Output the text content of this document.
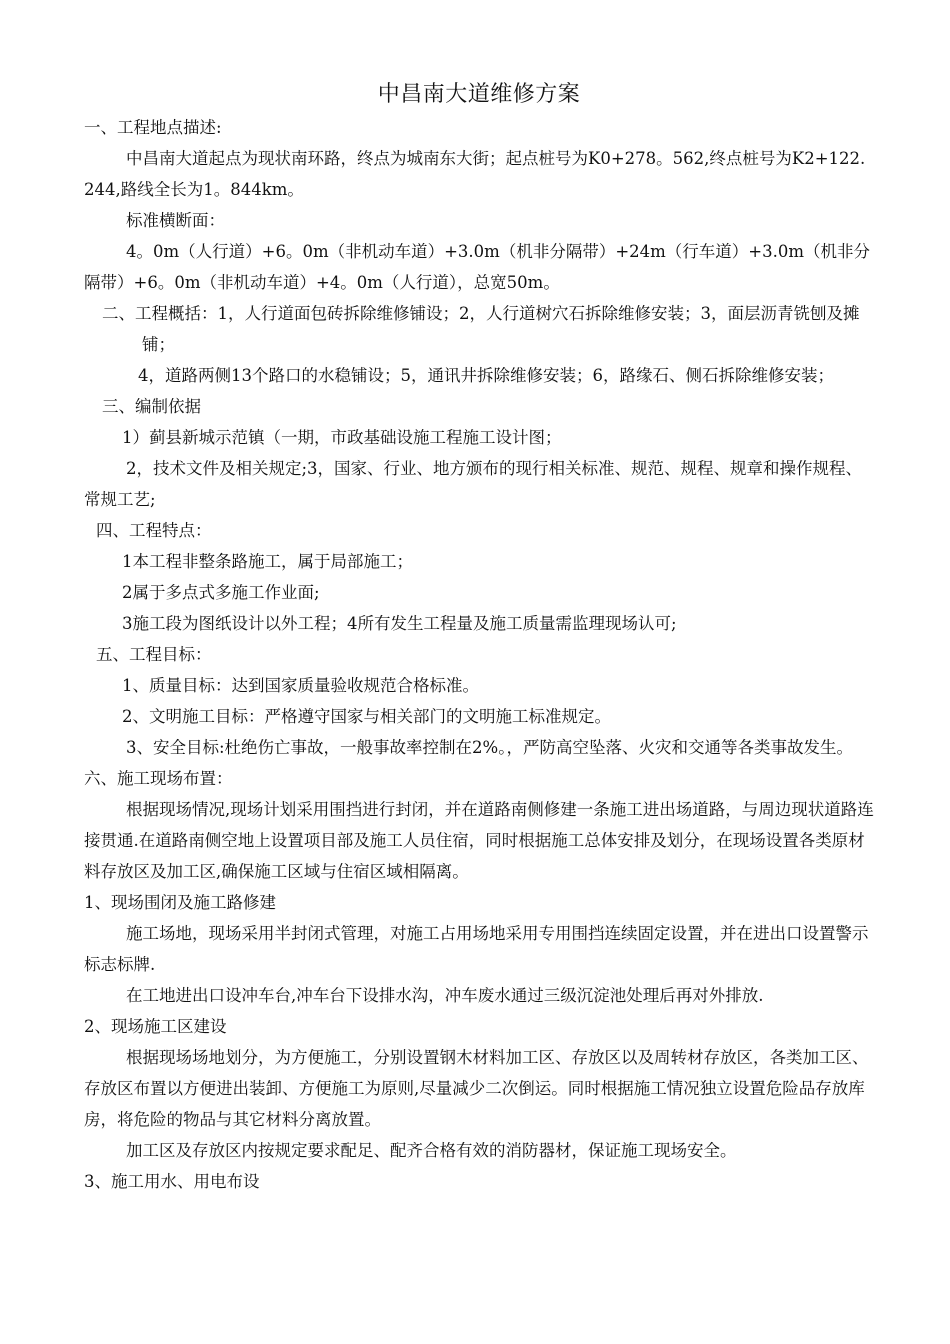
中昌南大道维修方案

一、工程地点描述:

中昌南大道起点为现状南环路，终点为城南东大街；起点桩号为K0+278。562,终点桩号为K2+122.244,路线全长为1。844km。

标准横断面：

4。0m（人行道）+6。0m（非机动车道）+3.0m（机非分隔带）+24m（行车道）+3.0m（机非分隔带）+6。0m（非机动车道）+4。0m（人行道），总宽50m。

二、工程概括：1，人行道面包砖拆除维修铺设；2，人行道树穴石拆除维修安装；3，面层沥青铣刨及摊铺；

4，道路两侧13个路口的水稳铺设；5，通讯井拆除维修安装；6，路缘石、侧石拆除维修安装；

三、编制依据

1）蓟县新城示范镇（一期，市政基础设施工程施工设计图；

2，技术文件及相关规定;3，国家、行业、地方颁布的现行相关标准、规范、规程、规章和操作规程、常规工艺;

四、工程特点：

1本工程非整条路施工，属于局部施工；

2属于多点式多施工作业面;

3施工段为图纸设计以外工程；4所有发生工程量及施工质量需监理现场认可;

五、工程目标：

1、质量目标：达到国家质量验收规范合格标准。

2、文明施工目标：严格遵守国家与相关部门的文明施工标准规定。

3、安全目标:杜绝伤亡事故，一般事故率控制在2%。，严防高空坠落、火灾和交通等各类事故发生。

六、施工现场布置：

根据现场情况,现场计划采用围挡进行封闭，并在道路南侧修建一条施工进出场道路，与周边现状道路连接贯通.在道路南侧空地上设置项目部及施工人员住宿，同时根据施工总体安排及划分，在现场设置各类原材料存放区及加工区,确保施工区域与住宿区域相隔离。

1、现场围闭及施工路修建

施工场地，现场采用半封闭式管理，对施工占用场地采用专用围挡连续固定设置，并在进出口设置警示标志标牌.

在工地进出口设冲车台,冲车台下设排水沟，冲车废水通过三级沉淀池处理后再对外排放.

2、现场施工区建设

根据现场场地划分，为方便施工，分别设置钢木材料加工区、存放区以及周转材存放区，各类加工区、存放区布置以方便进出装卸、方便施工为原则,尽量减少二次倒运。同时根据施工情况独立设置危险品存放库房，将危险的物品与其它材料分离放置。

加工区及存放区内按规定要求配足、配齐合格有效的消防器材，保证施工现场安全。

3、施工用水、用电布设
